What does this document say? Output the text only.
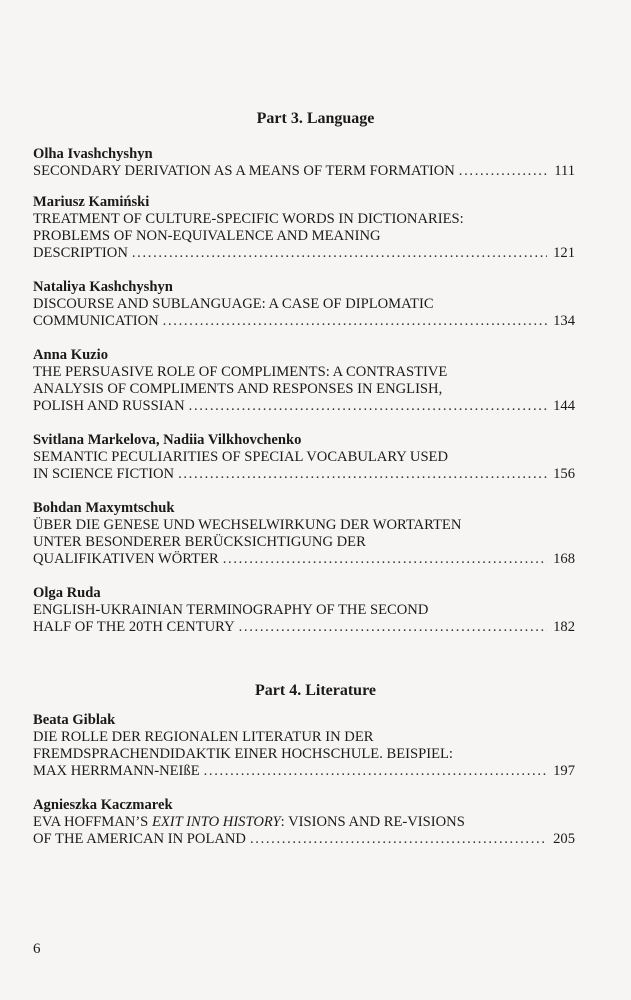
Part 3. Language
Olha Ivashchyshyn
SECONDARY DERIVATION AS A MEANS OF TERM FORMATION . . .	111
Mariusz Kamiński
TREATMENT OF CULTURE-SPECIFIC WORDS IN DICTIONARIES:
PROBLEMS OF NON-EQUIVALENCE AND MEANING
DESCRIPTION . . .	121
Nataliya Kashchyshyn
DISCOURSE AND SUBLANGUAGE: A CASE OF DIPLOMATIC
COMMUNICATION . . .	134
Anna Kuzio
THE PERSUASIVE ROLE OF COMPLIMENTS: A CONTRASTIVE
ANALYSIS OF COMPLIMENTS AND RESPONSES IN ENGLISH,
POLISH AND RUSSIAN . . .	144
Svitlana Markelova, Nadiia Vilkhovchenko
SEMANTIC PECULIARITIES OF SPECIAL VOCABULARY USED
IN SCIENCE FICTION . . .	156
Bohdan Maxymtschuk
ÜBER DIE GENESE UND WECHSELWIRKUNG DER WORTARTEN
UNTER BESONDERER BERÜCKSICHTIGUNG DER
QUALIFIKATIVEN WÖRTER . . .	168
Olga Ruda
ENGLISH-UKRAINIAN TERMINOGRAPHY OF THE SECOND
HALF OF THE 20TH CENTURY . . .	182
Part 4. Literature
Beata Giblak
DIE ROLLE DER REGIONALEN LITERATUR IN DER
FREMDSPRACHENDIDAKTIK EINER HOCHSCHULE. BEISPIEL:
MAX HERRMANN-NEIßE . . .	197
Agnieszka Kaczmarek
EVA HOFFMAN’S EXIT INTO HISTORY: VISIONS AND RE-VISIONS
OF THE AMERICAN IN POLAND . . .	205
6
